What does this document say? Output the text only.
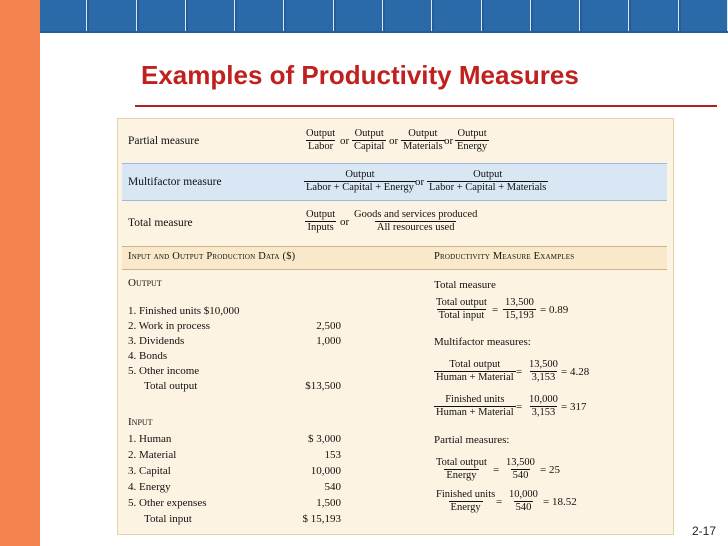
Examples of Productivity Measures
Partial measure	$\frac{\text{Output}}{\text{Labor}}$ or $\frac{\text{Output}}{\text{Capital}}$ or $\frac{\text{Output}}{\text{Materials}}$ or $\frac{\text{Output}}{\text{Energy}}$
Multifactor measure	$\frac{\text{Output}}{\text{Labor + Capital + Energy}}$ or $\frac{\text{Output}}{\text{Labor + Capital + Materials}}$
Total measure	$\frac{\text{Output}}{\text{Inputs}}$ or $\frac{\text{Goods and services produced}}{\text{All resources used}}$
Input and Output Production Data ($)	Productivity Measure Examples
Output
1. Finished units $10,000
2. Work in process	2,500
3. Dividends	1,000
4. Bonds
5. Other income
Total output	$13,500
Input
1. Human	$ 3,000
2. Material	153
3. Capital	10,000
4. Energy	540
5. Other expenses	1,500
Total input	$ 15,193
Total measure
Total output
Total input = $\frac{13,500}{15,193} = 0.89$
Multifactor measures:
Total output
Human + Material = $\frac{13,500}{3,153} = 4.28$
Finished units
Human + Material = $\frac{10,000}{3,153} = 317$
Partial measures:
Total output
Energy = $\frac{13,500}{540} = 25$
Finished units
Energy = $\frac{10,000}{540} = 18.52$
2-17
